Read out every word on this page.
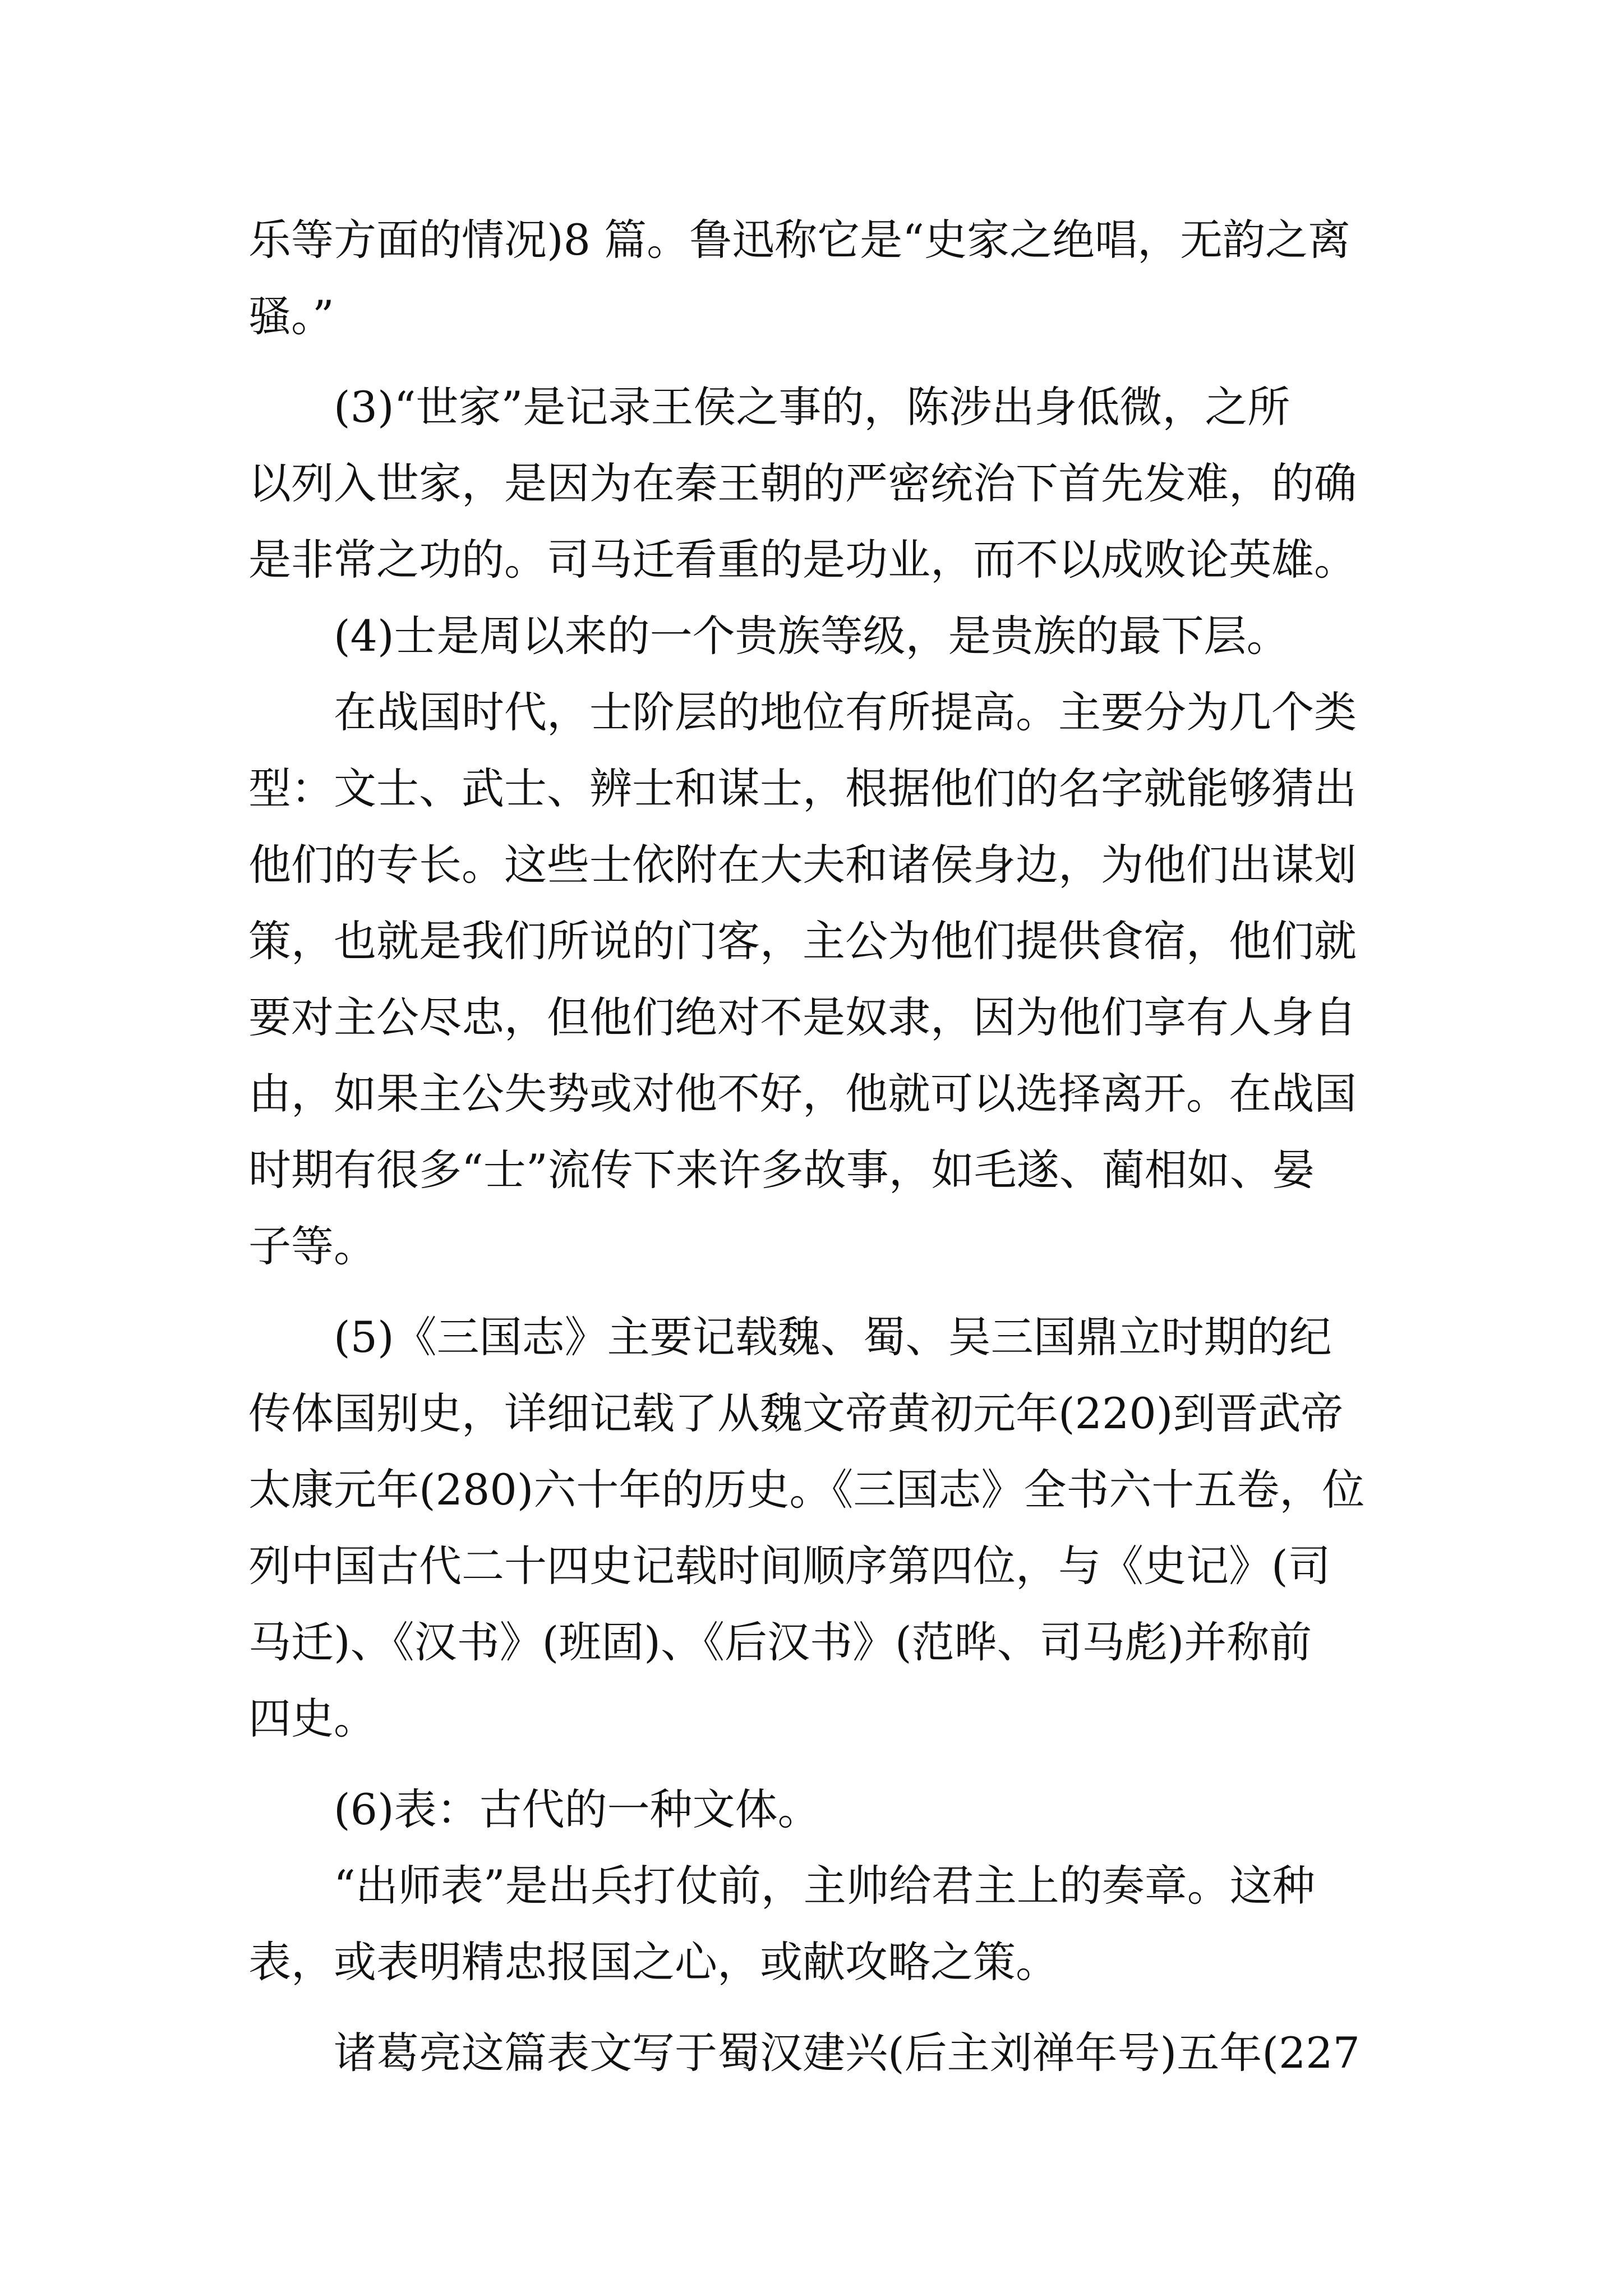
乐等方面的情况)8 篇。鲁迅称它是“史家之绝唱，无韵之离
骚。”
(3)“世家”是记录王侯之事的，陈涉出身低微，之所
以列入世家，是因为在秦王朝的严密统治下首先发难，的确
是非常之功的。司马迁看重的是功业，而不以成败论英雄。
(4)士是周以来的一个贵族等级，是贵族的最下层。
在战国时代，士阶层的地位有所提高。主要分为几个类
型：文士、武士、辨士和谋士，根据他们的名字就能够猜出
他们的专长。这些士依附在大夫和诸侯身边，为他们出谋划
策，也就是我们所说的门客，主公为他们提供食宿，他们就
要对主公尽忠，但他们绝对不是奴隶，因为他们享有人身自
由，如果主公失势或对他不好，他就可以选择离开。在战国
时期有很多“士”流传下来许多故事，如毛遂、蔺相如、晏
子等。
(5)《三国志》主要记载魏、蜀、吴三国鼎立时期的纪
传体国别史，详细记载了从魏文帝黄初元年(220)到晋武帝
太康元年(280)六十年的历史。《三国志》全书六十五卷，位
列中国古代二十四史记载时间顺序第四位，与《史记》(司
马迁)、《汉书》(班固)、《后汉书》(范晔、司马彪)并称前
四史。
(6)表：古代的一种文体。
“出师表”是出兵打仗前，主帅给君主上的奏章。这种
表，或表明精忠报国之心，或献攻略之策。
诸葛亮这篇表文写于蜀汉建兴(后主刘禅年号)五年(227
